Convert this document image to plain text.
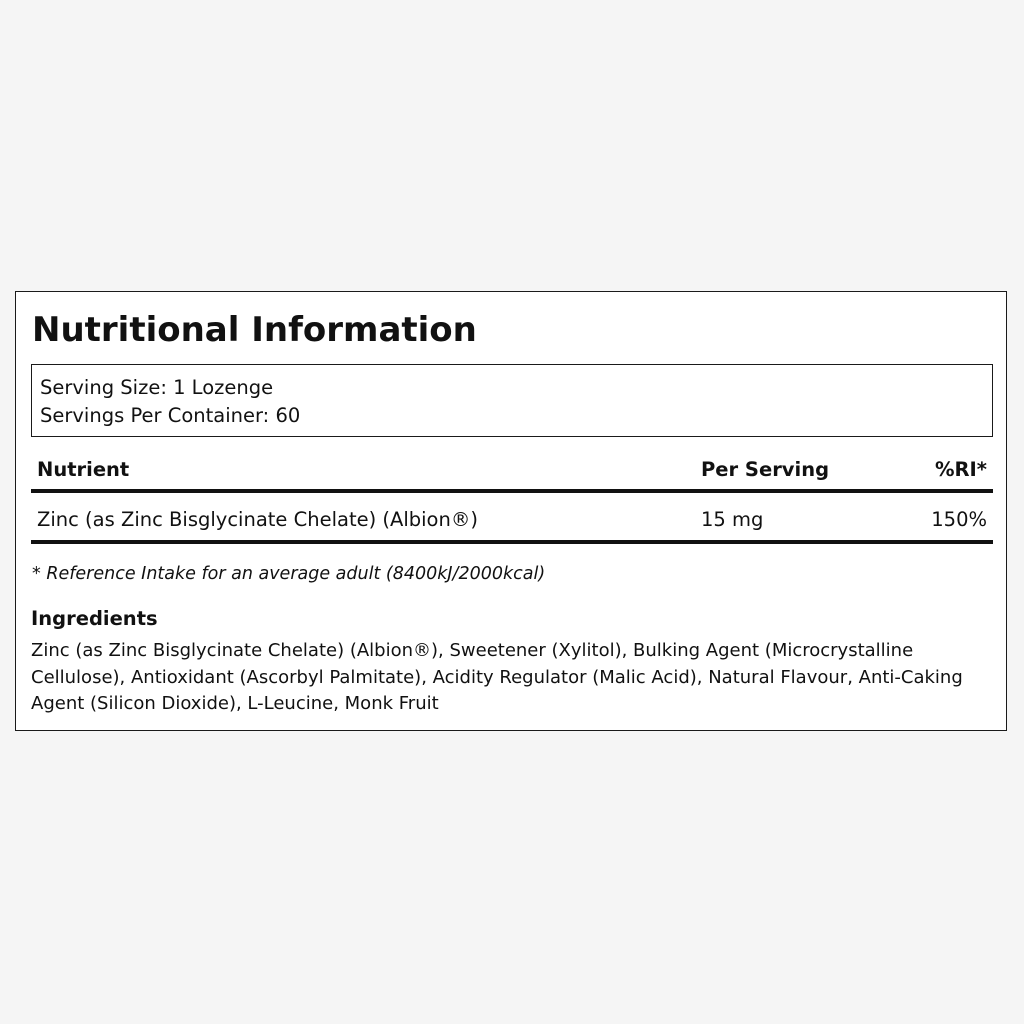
Nutritional Information
Serving Size: 1 Lozenge
Servings Per Container: 60
Nutrient	Per Serving	%RI*
Zinc (as Zinc Bisglycinate Chelate) (Albion®)	15 mg	150%
* Reference Intake for an average adult (8400kJ/2000kcal)
Ingredients

Zinc (as Zinc Bisglycinate Chelate) (Albion®), Sweetener (Xylitol), Bulking Agent (Microcrystalline Cellulose), Antioxidant (Ascorbyl Palmitate), Acidity Regulator (Malic Acid), Natural Flavour, Anti-Caking Agent (Silicon Dioxide), L-Leucine, Monk Fruit
